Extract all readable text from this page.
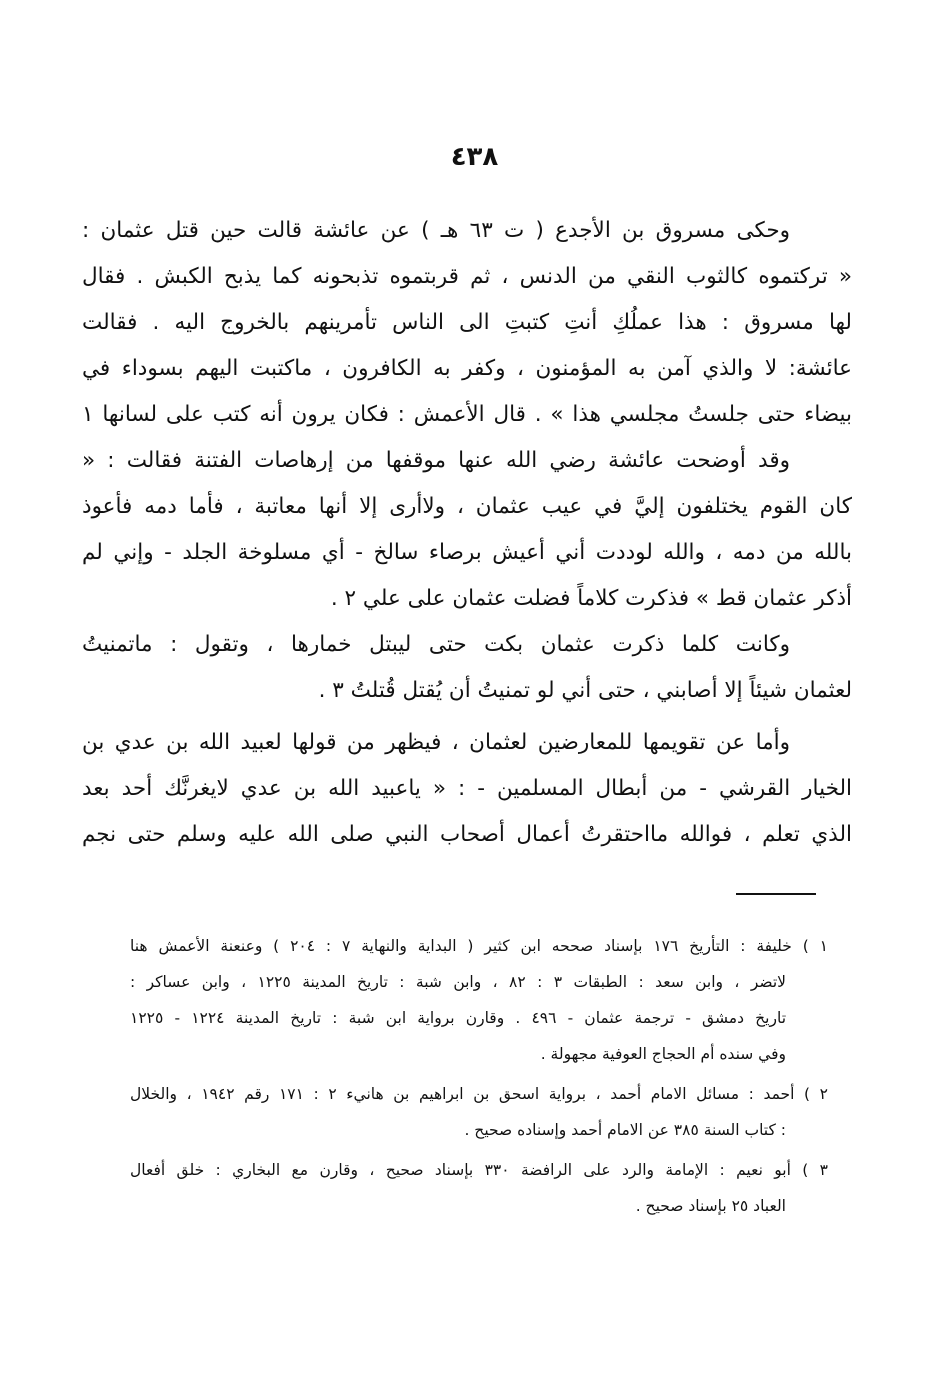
٤٣٨
وحكى مسروق بن الأجدع ( ت ٦٣ هـ ) عن عائشة قالت حين قتل عثمان :
« تركتموه كالثوب النقي من الدنس ، ثم قربتموه تذبحونه كما يذبح الكبش . فقال
لها مسروق : هذا عملُكِ أنتِ كتبتِ الى الناس تأمرينهم بالخروج اليه . فقالت
عائشة: لا والذي آمن به المؤمنون ، وكفر به الكافرون ، ماكتبت اليهم بسوداء في
بيضاء حتى جلستُ مجلسي هذا » . قال الأعمش : فكان يرون أنه كتب على لسانها ١
وقد أوضحت عائشة رضي الله عنها موقفها من إرهاصات الفتنة فقالت : «
كان القوم يختلفون إليَّ في عيب عثمان ، ولاأرى إلا أنها معاتبة ، فأما دمه فأعوذ
بالله من دمه ، والله لوددت أني أعيش برصاء سالخ - أي مسلوخة الجلد - وإني لم
أذكر عثمان قط » فذكرت كلاماً فضلت عثمان على علي ٢ .
وكانت كلما ذكرت عثمان بكت حتى ليبتل خمارها ، وتقول : ماتمنيتُ
لعثمان شيئاً إلا أصابني ، حتى أني لو تمنيتُ أن يُقتل قُتلتُ ٣ .
وأما عن تقويمها للمعارضين لعثمان ، فيظهر من قولها لعبيد الله بن عدي بن
الخيار القرشي - من أبطال المسلمين - : « ياعبيد الله بن عدي لايغرنَّك أحد بعد
الذي تعلم ، فوالله مااحتقرتُ أعمال أصحاب النبي صلى الله عليه وسلم حتى نجم
١ ) خليفة : التأريخ ١٧٦ بإسناد صححه ابن كثير ( البداية والنهاية ٧ : ٢٠٤ ) وعنعنة الأعمش هنا
لاتضر ، وابن سعد : الطبقات ٣ : ٨٢ ، وابن شبة : تاريخ المدينة ١٢٢٥ ، وابن عساكر :
تاريخ دمشق - ترجمة عثمان - ٤٩٦ . وقارن برواية ابن شبة : تاريخ المدينة ١٢٢٤ - ١٢٢٥
وفي سنده أم الحجاج العوفية مجهولة .
٢ ) أحمد : مسائل الامام أحمد ، برواية اسحق بن ابراهيم بن هانيء ٢ : ١٧١ رقم ١٩٤٢ ، والخلال
: كتاب السنة ٣٨٥ عن الامام أحمد وإسناده صحيح .
٣ ) أبو نعيم : الإمامة والرد على الرافضة ٣٣٠ بإسناد صحيح ، وقارن مع البخاري : خلق أفعال
العباد ٢٥ بإسناد صحيح .
